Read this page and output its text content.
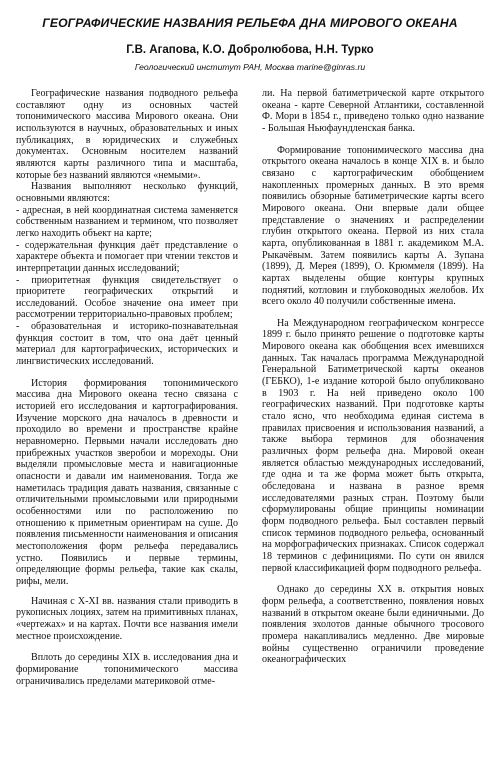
ГЕОГРАФИЧЕСКИЕ НАЗВАНИЯ РЕЛЬЕФА ДНА МИРОВОГО ОКЕАНА
Г.В. Агапова, К.О. Добролюбова, Н.Н. Турко
Геологический институт РАН, Москва marine@ginras.ru

Географические названия подводного рельефа составляют одну из основных частей топонимического массива Мирового океана. Они используются в научных, образовательных и иных публикациях, в юридических и служебных документах. Основным носителем названий являются карты различного типа и масштаба, которые без названий являются «немыми».

Названия выполняют несколько функций, основными являются:

- адресная, в ней координатная система заменяется собственным названием и термином, что позволяет легко находить объект на карте;

- содержательная функция даёт представление о характере объекта и помогает при чтении текстов и интерпретации данных исследований;

- приоритетная функция свидетельствует о приоритете географических открытий и исследований. Особое значение она имеет при рассмотрении территориально-правовых проблем;

- образовательная и историко-познавательная функция состоит в том, что она даёт ценный материал для картографических, исторических и лингвистических исследований.

История формирования топонимического массива дна Мирового океана тесно связана с историей его исследования и картографирования. Изучение морского дна началось в древности и проходило во времени и пространстве крайне неравномерно. Первыми начали исследовать дно прибрежных участков зверобои и мореходы. Они выделяли промысловые места и навигационные опасности и давали им наименования. Тогда же наметилась традиция давать названия, связанные с отличительными промысловыми или природными особенностями или по расположению по отношению к приметным ориентирам на суше. До появления письменности наименования и описания местоположения форм рельефа передавались устно. Появились и первые термины, определяющие формы рельефа, такие как скалы, рифы, мели.

Начиная с X-XI вв. названия стали приводить в рукописных лоциях, затем на примитивных планах, «чертежах» и на картах. Почти все названия имели местное происхождение.

Вплоть до середины XIX в. исследования дна и формирование топонимического массива ограничивались пределами материковой отме-

ли. На первой батиметрической карте открытого океана - карте Северной Атлантики, составленной Ф. Мори в 1854 г., приведено только одно название - Большая Ньюфаундленская банка.

Формирование топонимического массива дна открытого океана началось в конце XIX в. и было связано с картографическим обобщением накопленных промерных данных. В это время появились обзорные батиметрические карты всего Мирового океана. Они впервые дали общее представление о значениях и распределении глубин открытого океана. Первой из них стала карта, опубликованная в 1881 г. академиком М.А. Рыкачёвым. Затем появились карты А. Зупана (1899), Д. Мерея (1899), О. Крюммеля (1899). На картах выделены общие контуры крупных поднятий, котловин и глубоководных желобов. Их всего около 40 получили собственные имена.

На Международном географическом конгрессе 1899 г. было принято решение о подготовке карты Мирового океана как обобщения всех имевшихся данных. Так началась программа Международной Генеральной Батиметрической карты океанов (ГЕБКО), 1-е издание которой было опубликовано в 1903 г. На ней приведено около 100 географических названий. При подготовке карты стало ясно, что необходима единая система в правилах присвоения и использования названий, а также выбора терминов для обозначения различных форм рельефа дна. Мировой океан является областью международных исследований, где одна и та же форма может быть открыта, обследована и названа в разное время исследователями разных стран. Поэтому были сформулированы общие принципы номинации форм подводного рельефа. Был составлен первый список терминов подводного рельефа, основанный на морфографических признаках. Список содержал 18 терминов с дефинициями. По сути он явился первой классификацией форм подводного рельефа.

Однако до середины XX в. открытия новых форм рельефа, а соответственно, появления новых названий в открытом океане были единичными. До появления эхолотов данные обычного тросового промера накапливались медленно. Две мировые войны существенно ограничили проведение океанографических
